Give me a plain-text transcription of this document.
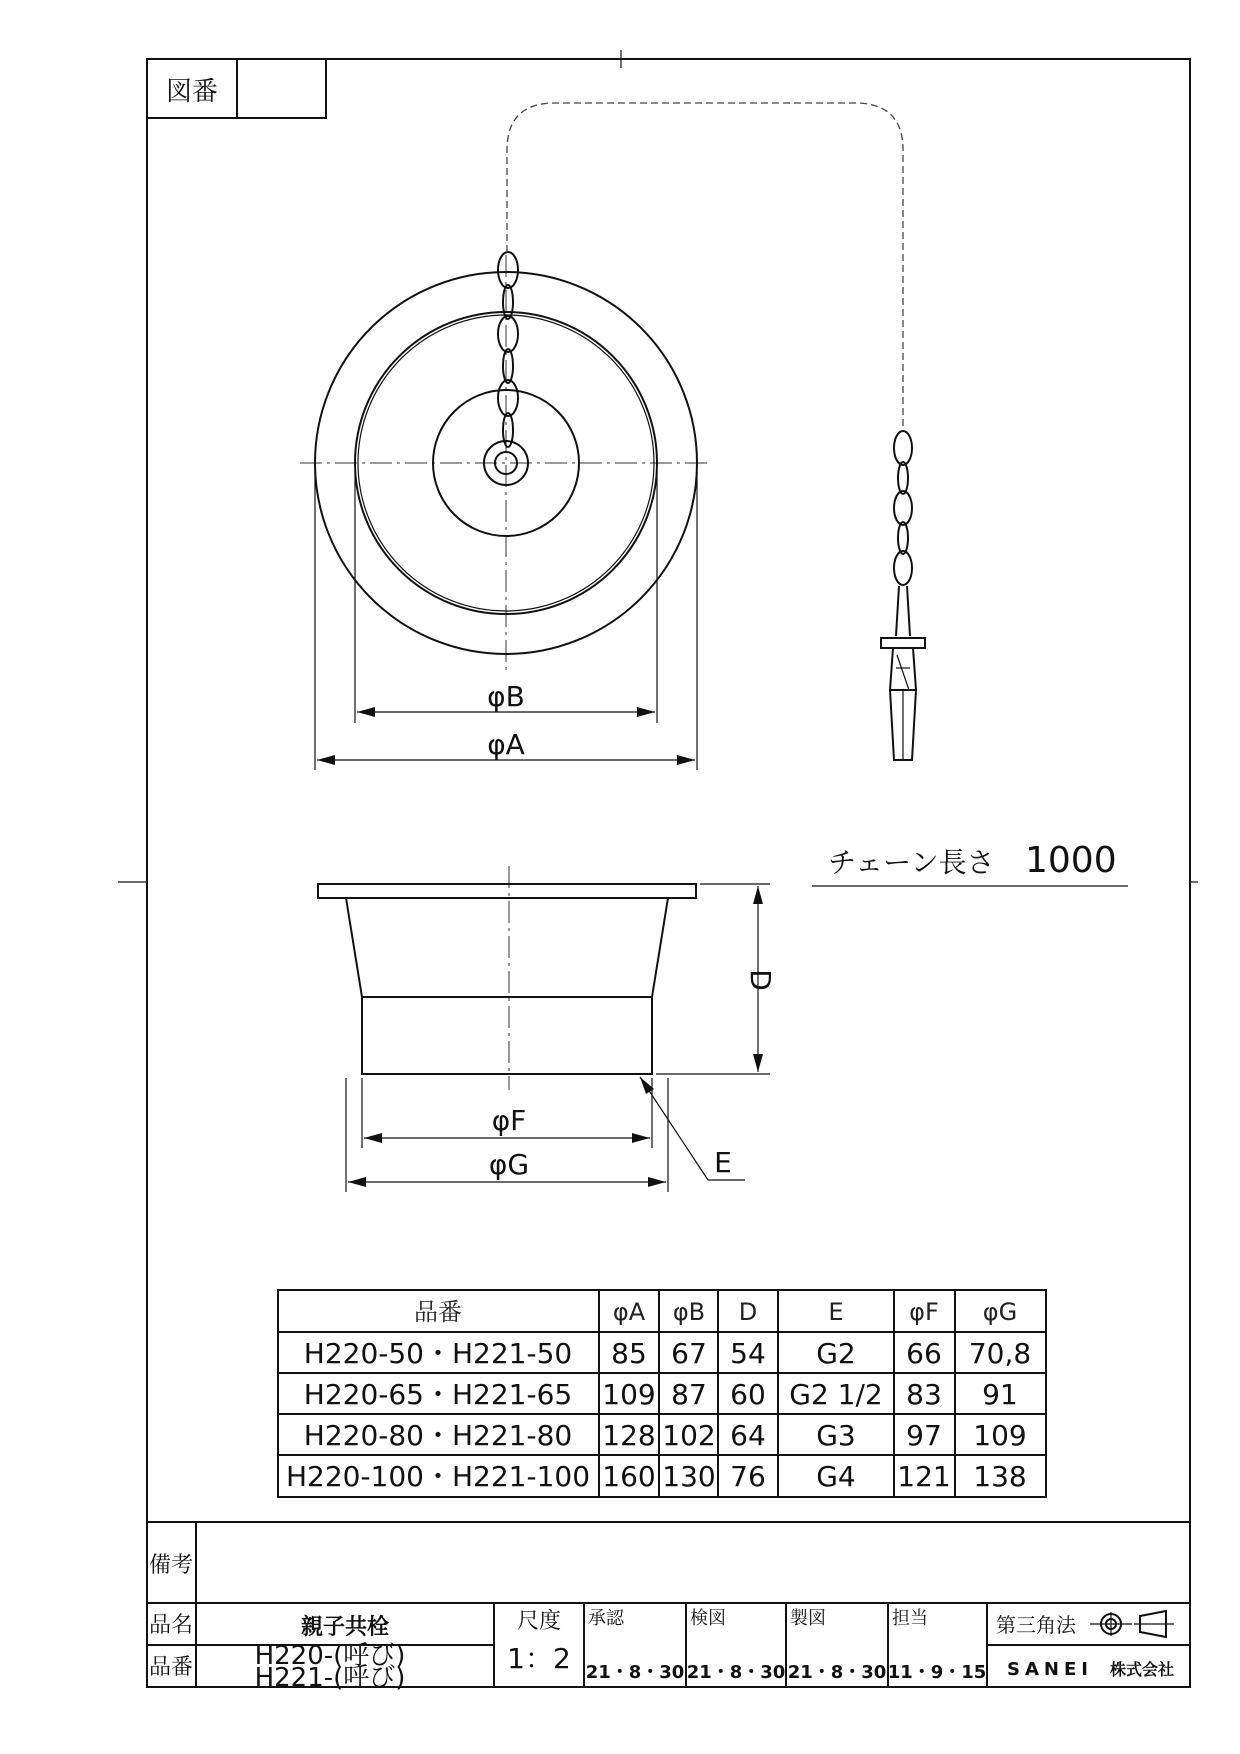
図番
φB
φA
チェーン長さ 1000
D
φF
φG	E
品番	φA φB D	E	φF φG
H220-50・H221-50 85 67 54 G2 66 70,8
H220-65・H221-65 109 87 60 G2 1/2 83 91
H220-80・H221-80 128 102 64 G3 97 109
H220-100・H221-100 160 130 76 G4 121 138
備考
品名	親子共栓
品番 H220-(呼び)
H221-(呼び)
尺度
1：2
承認
21・8・30
検図
21・8・30
製図
21・8・30
担当
11・9・15
第三角法
SANEI 株式会社
